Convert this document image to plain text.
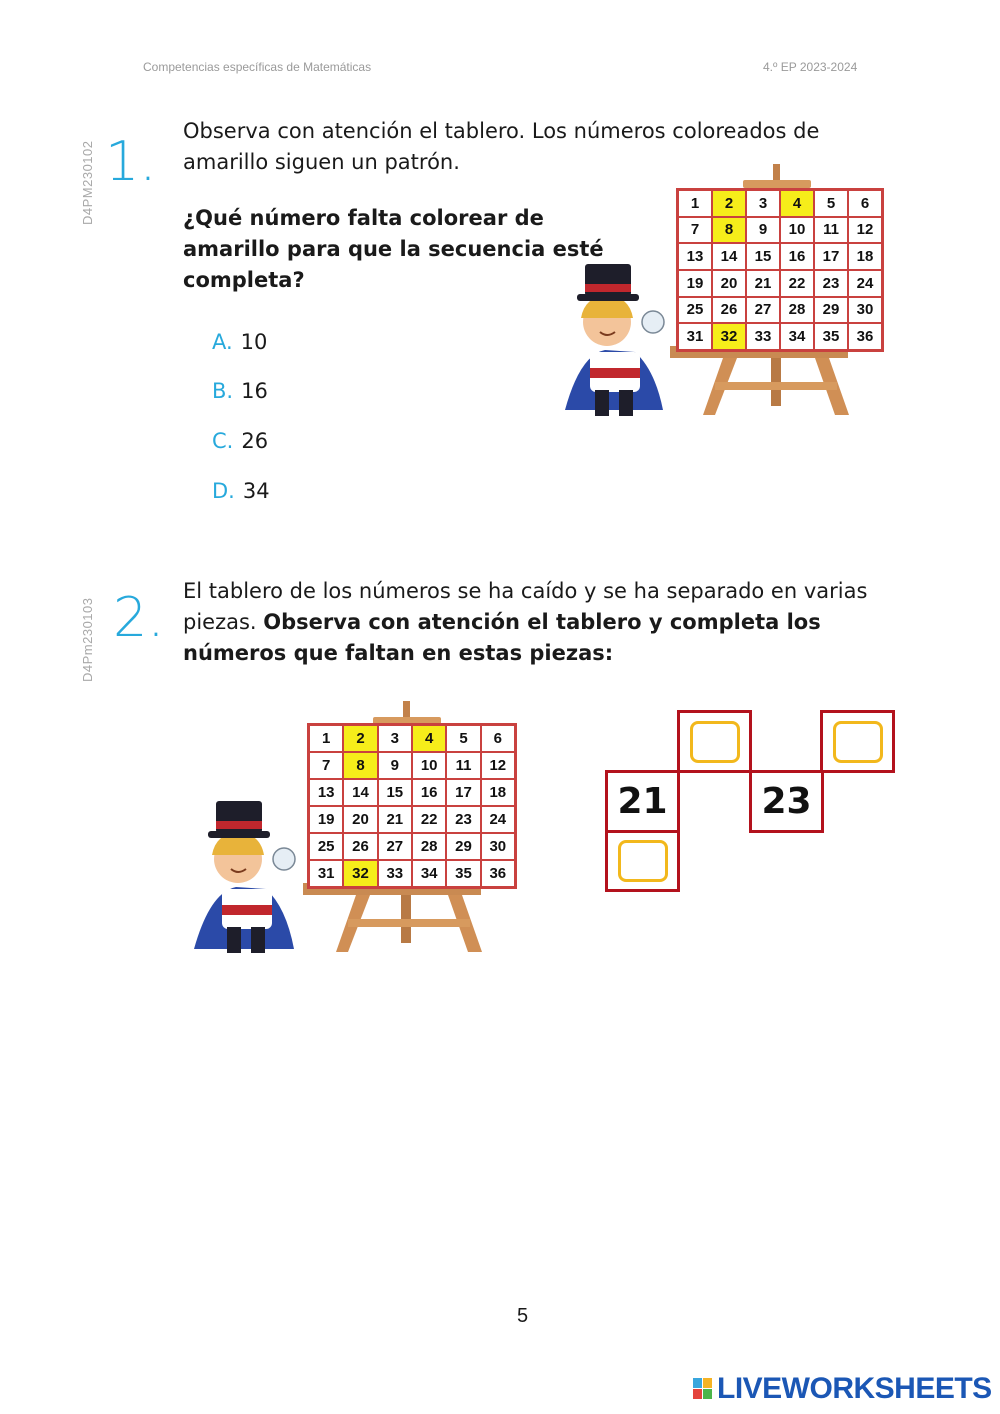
Competencias específicas de Matemáticas	4.º EP 2023-2024
D4PM230102 1. Observa con atención el tablero. Los números coloreados de amarillo siguen un patrón.
¿Qué número falta colorear de amarillo para que la secuencia esté completa?
A. 10
B. 16
C. 26
D. 34
1	2	3	4	5	6
7	8	9	10	11	12
13	14	15	16	17	18
19	20	21	22	23	24
25	26	27	28	29	30
31	32	33	34	35	36
D4Pm230103 2. El tablero de los números se ha caído y se ha separado en varias piezas. Observa con atención el tablero y completa los números que faltan en estas piezas:
1	2	3	4	5	6
7	8	9	10	11	12
13	14	15	16	17	18
19	20	21	22	23	24
25	26	27	28	29	30
31	32	33	34	35	36
21	23
5
LIVEWORKSHEETS
